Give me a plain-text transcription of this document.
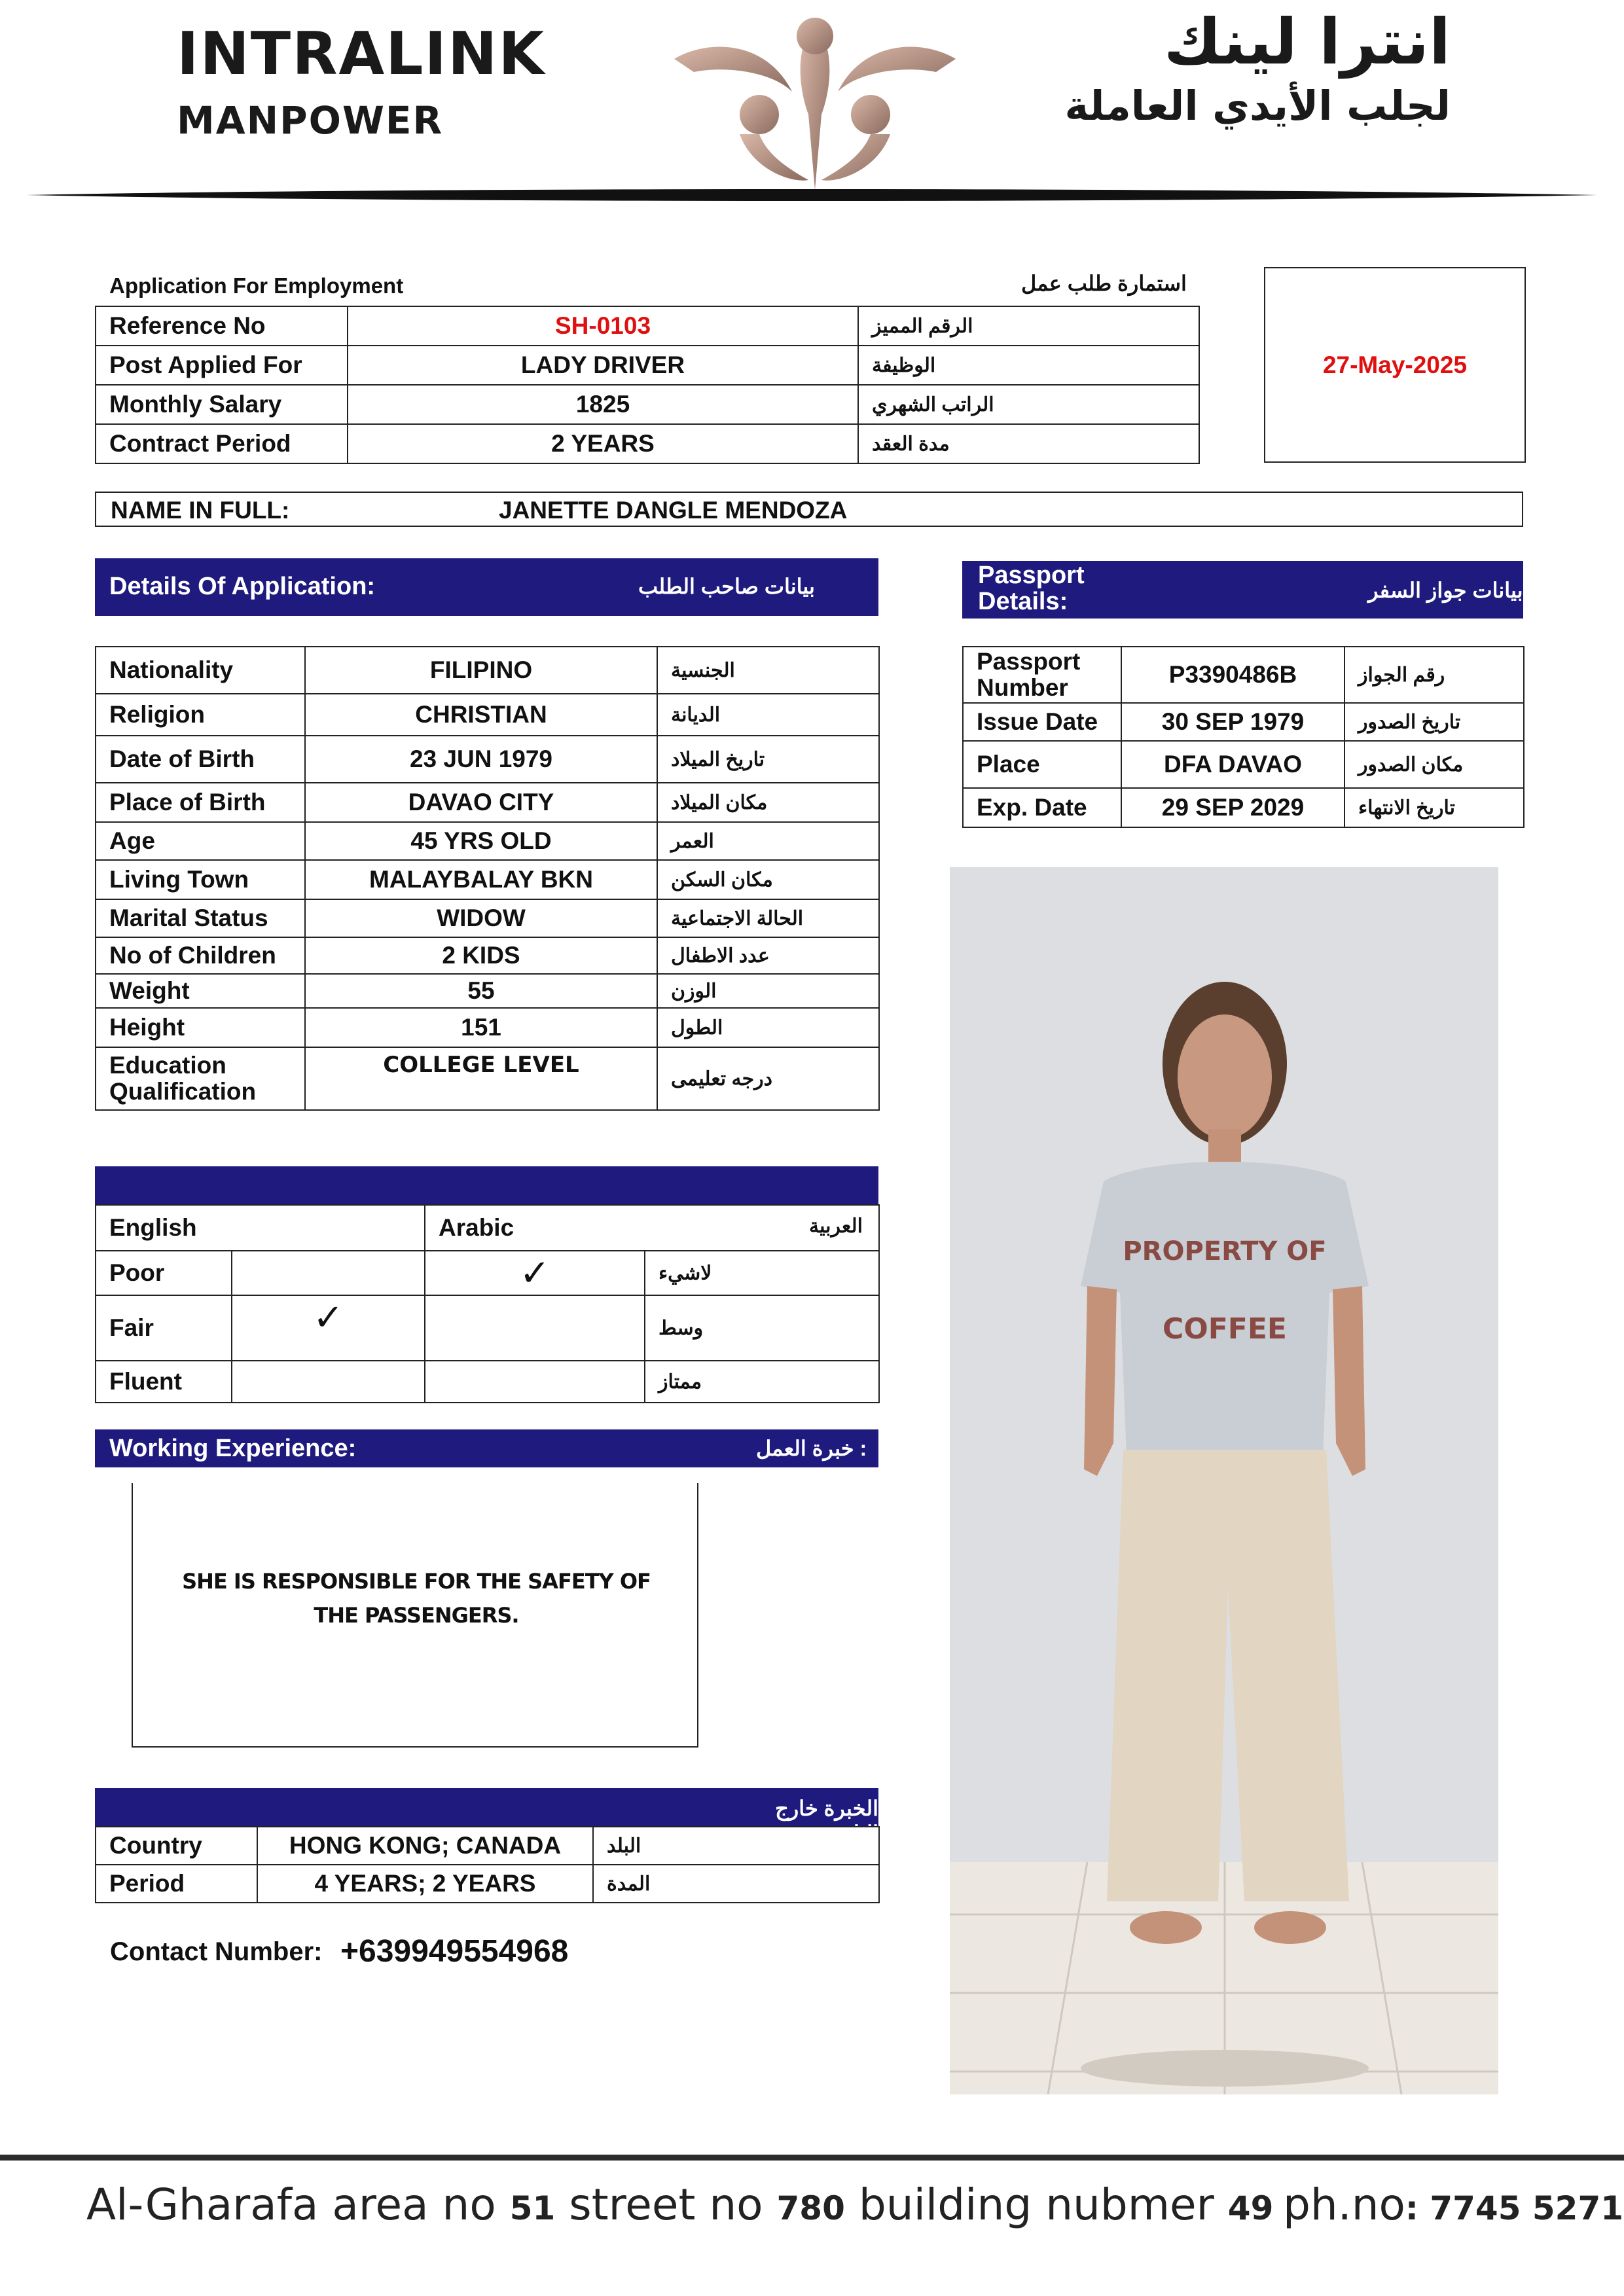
INTRALINK
MANPOWER
انترا لينك
لجلب الأيدي العاملة
Application For Employment	استمارة طلب عمل
Reference No	SH-0103	الرقم المميز
Post Applied For	LADY DRIVER	الوظيفة
Monthly Salary	1825	الراتب الشهري
Contract Period	2 YEARS	مدة العقد
27-May-2025
NAME IN FULL:	JANETTE DANGLE MENDOZA
Details Of Application:	بيانات صاحب الطلب
Nationality	FILIPINO	الجنسية
Religion	CHRISTIAN	الديانة
Date of Birth	23 JUN 1979	تاريخ الميلاد
Place of Birth	DAVAO CITY	مكان الميلاد
Age	45 YRS OLD	العمر
Living Town	MALAYBALAY BKN	مكان السكن
Marital Status	WIDOW	الحالة الاجتماعية
No of Children	2 KIDS	عدد الاطفال
Weight	55	الوزن
Height	151	الطول
Education Qualification	COLLEGE LEVEL	درجه تعليمى
Passport Details:	بيانات جواز السفر
Passport Number	P3390486B	رقم الجواز
Issue Date	30 SEP 1979	تاريخ الصدور
Place	DFA DAVAO	مكان الصدور
Exp. Date	29 SEP 2029	تاريخ الانتهاء
PROPERTY OF
COFFEE
English		Arabic العربية	

Poor		✓	لاشيء
Fair	✓		وسط
Fluent			ممتاز
Working Experience:	: خبرة العمل
SHE IS RESPONSIBLE FOR THE SAFETY OF THE PASSENGERS.
الخبرة خارج البلد
Country	HONG KONG; CANADA	البلد
Period	4 YEARS; 2 YEARS	المدة
Contact Number: +639949554968
Al-Gharafa area no 51 street no 780 building nubmer 49 ph.no: 7745 5271
